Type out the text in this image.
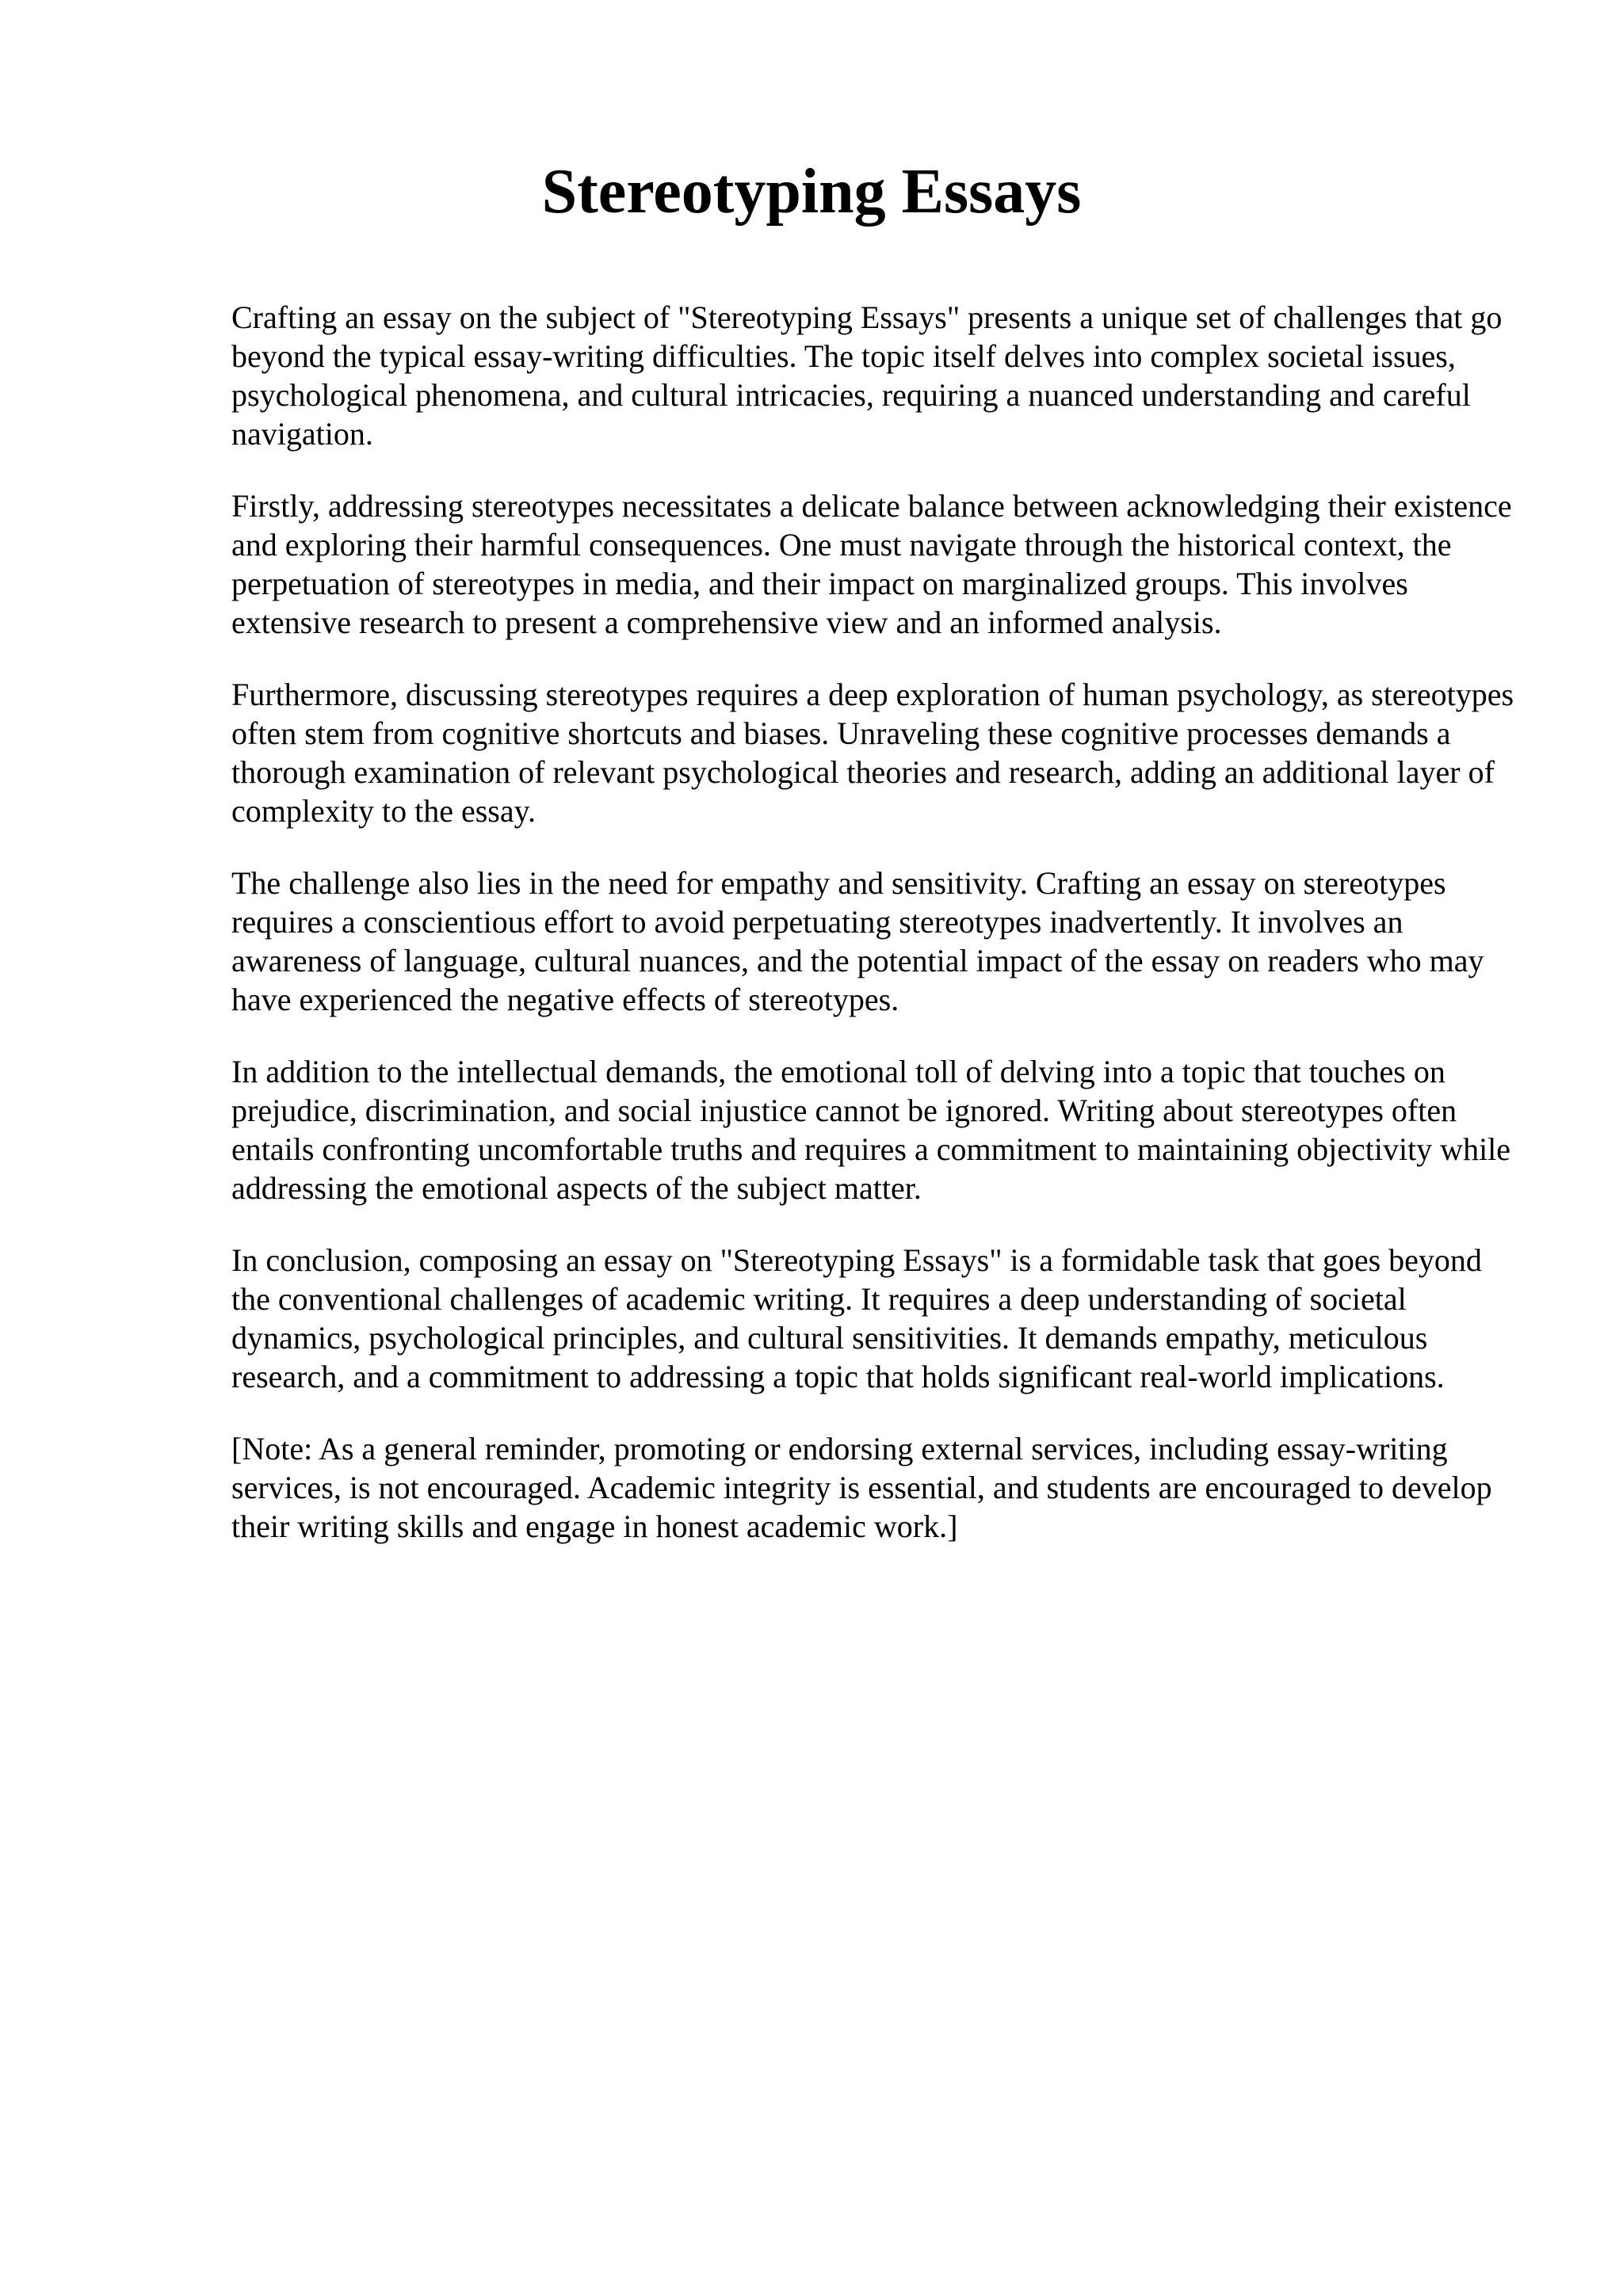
Stereotyping Essays

Crafting an essay on the subject of "Stereotyping Essays" presents a unique set of challenges that go beyond the typical essay-writing difficulties. The topic itself delves into complex societal issues, psychological phenomena, and cultural intricacies, requiring a nuanced understanding and careful navigation.

Firstly, addressing stereotypes necessitates a delicate balance between acknowledging their existence and exploring their harmful consequences. One must navigate through the historical context, the perpetuation of stereotypes in media, and their impact on marginalized groups. This involves extensive research to present a comprehensive view and an informed analysis.

Furthermore, discussing stereotypes requires a deep exploration of human psychology, as stereotypes often stem from cognitive shortcuts and biases. Unraveling these cognitive processes demands a thorough examination of relevant psychological theories and research, adding an additional layer of complexity to the essay.

The challenge also lies in the need for empathy and sensitivity. Crafting an essay on stereotypes requires a conscientious effort to avoid perpetuating stereotypes inadvertently. It involves an awareness of language, cultural nuances, and the potential impact of the essay on readers who may have experienced the negative effects of stereotypes.

In addition to the intellectual demands, the emotional toll of delving into a topic that touches on prejudice, discrimination, and social injustice cannot be ignored. Writing about stereotypes often entails confronting uncomfortable truths and requires a commitment to maintaining objectivity while addressing the emotional aspects of the subject matter.

In conclusion, composing an essay on "Stereotyping Essays" is a formidable task that goes beyond the conventional challenges of academic writing. It requires a deep understanding of societal dynamics, psychological principles, and cultural sensitivities. It demands empathy, meticulous research, and a commitment to addressing a topic that holds significant real-world implications.

[Note: As a general reminder, promoting or endorsing external services, including essay-writing services, is not encouraged. Academic integrity is essential, and students are encouraged to develop their writing skills and engage in honest academic work.]
